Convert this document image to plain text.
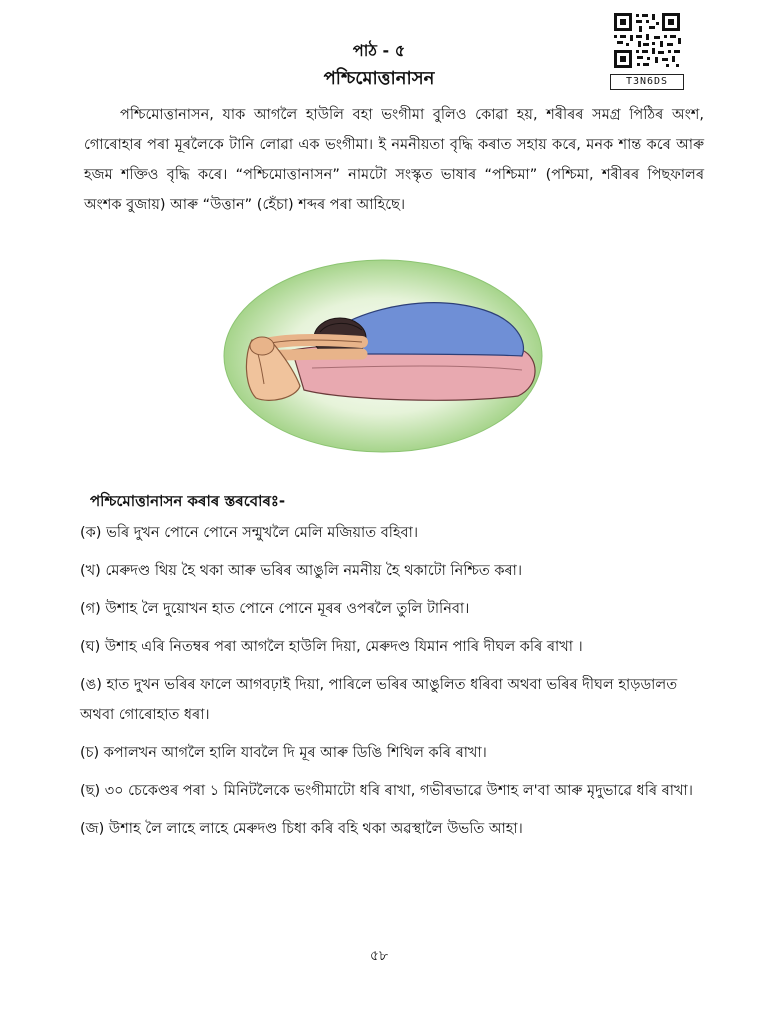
পাঠ - ৫
পশ্চিমোত্তানাসন	T3N6DS

পশ্চিমোত্তানাসন, যাক আগলৈ হাউলি বহা ভংগীমা বুলিও কোৱা হয়, শৰীৰৰ সমগ্ৰ পিঠিৰ অংশ, গোৰোহাৰ পৰা মূৰলৈকে টানি লোৱা এক ভংগীমা। ই নমনীয়তা বৃদ্ধি কৰাত সহায় কৰে, মনক শান্ত কৰে আৰু হজম শক্তিও বৃদ্ধি কৰে। “পশ্চিমোত্তানাসন” নামটো সংস্কৃত ভাষাৰ “পশ্চিমা” (পশ্চিমা, শৰীৰৰ পিছফালৰ অংশক বুজায়) আৰু “উত্তান” (হেঁচা) শব্দৰ পৰা আহিছে।

পশ্চিমোত্তানাসন কৰাৰ স্তৰবোৰঃ-
(ক) ভৰি দুখন পোনে পোনে সন্মুখলৈ মেলি মজিয়াত বহিবা।
(খ) মেৰুদণ্ড থিয় হৈ থকা আৰু ভৰিৰ আঙুলি নমনীয় হৈ থকাটো নিশ্চিত কৰা।
(গ) উশাহ লৈ দুয়োখন হাত পোনে পোনে মূৰৰ ওপৰলৈ তুলি টানিবা।
(ঘ) উশাহ এৰি নিতম্বৰ পৰা আগলৈ হাউলি দিয়া, মেৰুদণ্ড যিমান পাৰি দীঘল কৰি ৰাখা ।
(ঙ) হাত দুখন ভৰিৰ ফালে আগবঢ়াই দিয়া, পাৰিলে ভৰিৰ আঙুলিত ধৰিবা অথবা ভৰিৰ দীঘল হাড়ডালত অথবা গোৰোহাত ধৰা।
(চ) কপালখন আগলৈ হালি যাবলৈ দি মূৰ আৰু ডিঙি শিথিল কৰি ৰাখা।
(ছ) ৩০ চেকেণ্ডৰ পৰা ১ মিনিটলৈকে ভংগীমাটো ধৰি ৰাখা, গভীৰভাৱে উশাহ ল'বা আৰু মৃদুভাৱে ধৰি ৰাখা।
(জ) উশাহ লৈ লাহে লাহে মেৰুদণ্ড চিধা কৰি বহি থকা অৱস্থালৈ উভতি আহা।
৫৮
